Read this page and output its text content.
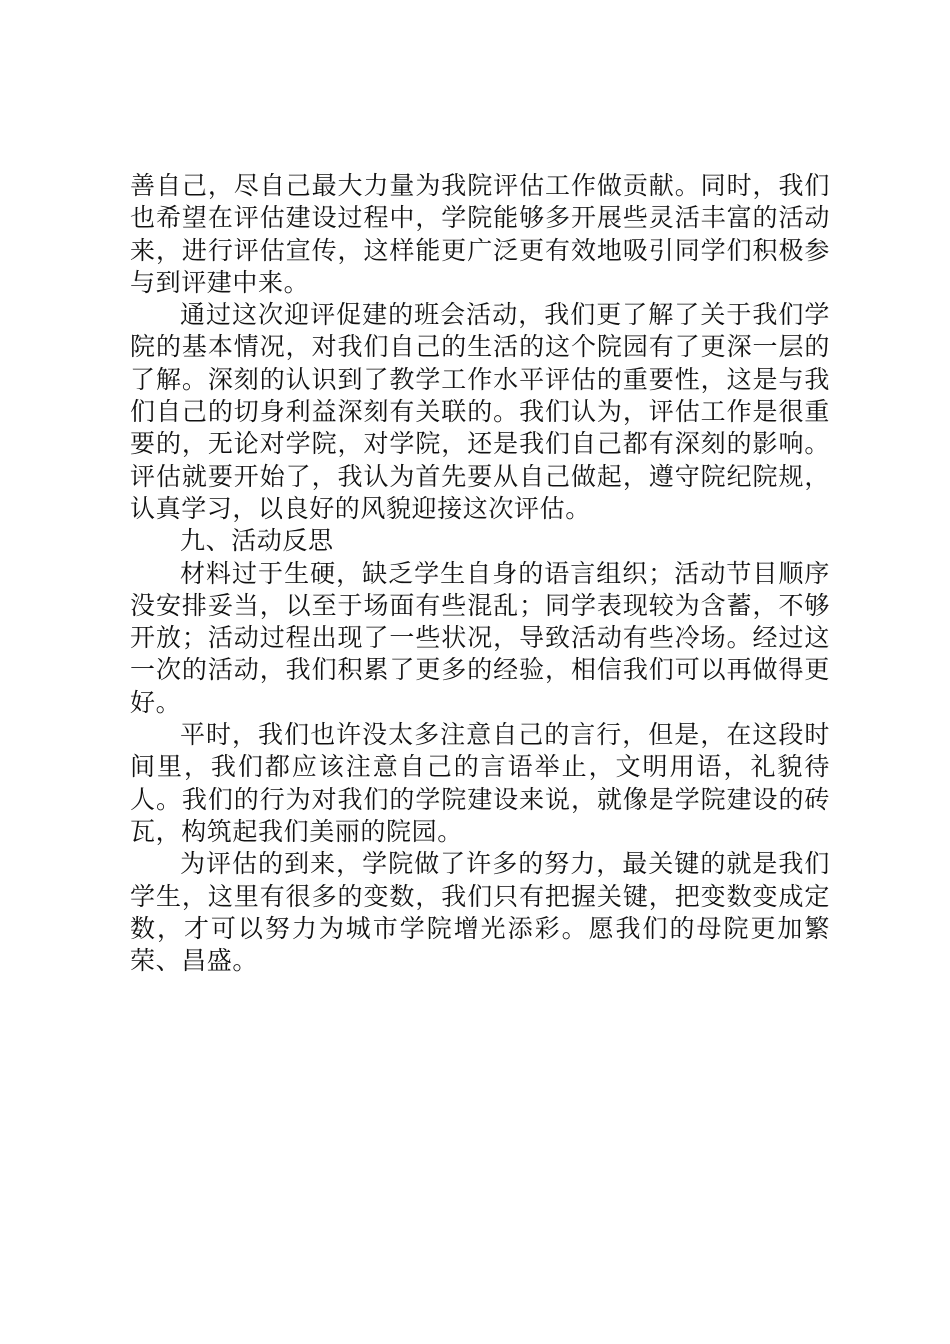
善自己，尽自己最大力量为我院评估工作做贡献。同时，我们也希望在评估建设过程中，学院能够多开展些灵活丰富的活动来，进行评估宣传，这样能更广泛更有效地吸引同学们积极参与到评建中来。

通过这次迎评促建的班会活动，我们更了解了关于我们学院的基本情况，对我们自己的生活的这个院园有了更深一层的了解。深刻的认识到了教学工作水平评估的重要性，这是与我们自己的切身利益深刻有关联的。我们认为，评估工作是很重要的，无论对学院，对学院，还是我们自己都有深刻的影响。评估就要开始了，我认为首先要从自己做起，遵守院纪院规，认真学习，以良好的风貌迎接这次评估。

九、活动反思

材料过于生硬，缺乏学生自身的语言组织；活动节目顺序没安排妥当，以至于场面有些混乱；同学表现较为含蓄，不够开放；活动过程出现了一些状况，导致活动有些冷场。经过这一次的活动，我们积累了更多的经验，相信我们可以再做得更好。

平时，我们也许没太多注意自己的言行，但是，在这段时间里，我们都应该注意自己的言语举止，文明用语，礼貌待人。我们的行为对我们的学院建设来说，就像是学院建设的砖瓦，构筑起我们美丽的院园。

为评估的到来，学院做了许多的努力，最关键的就是我们学生，这里有很多的变数，我们只有把握关键，把变数变成定数，才可以努力为城市学院增光添彩。愿我们的母院更加繁荣、昌盛。
